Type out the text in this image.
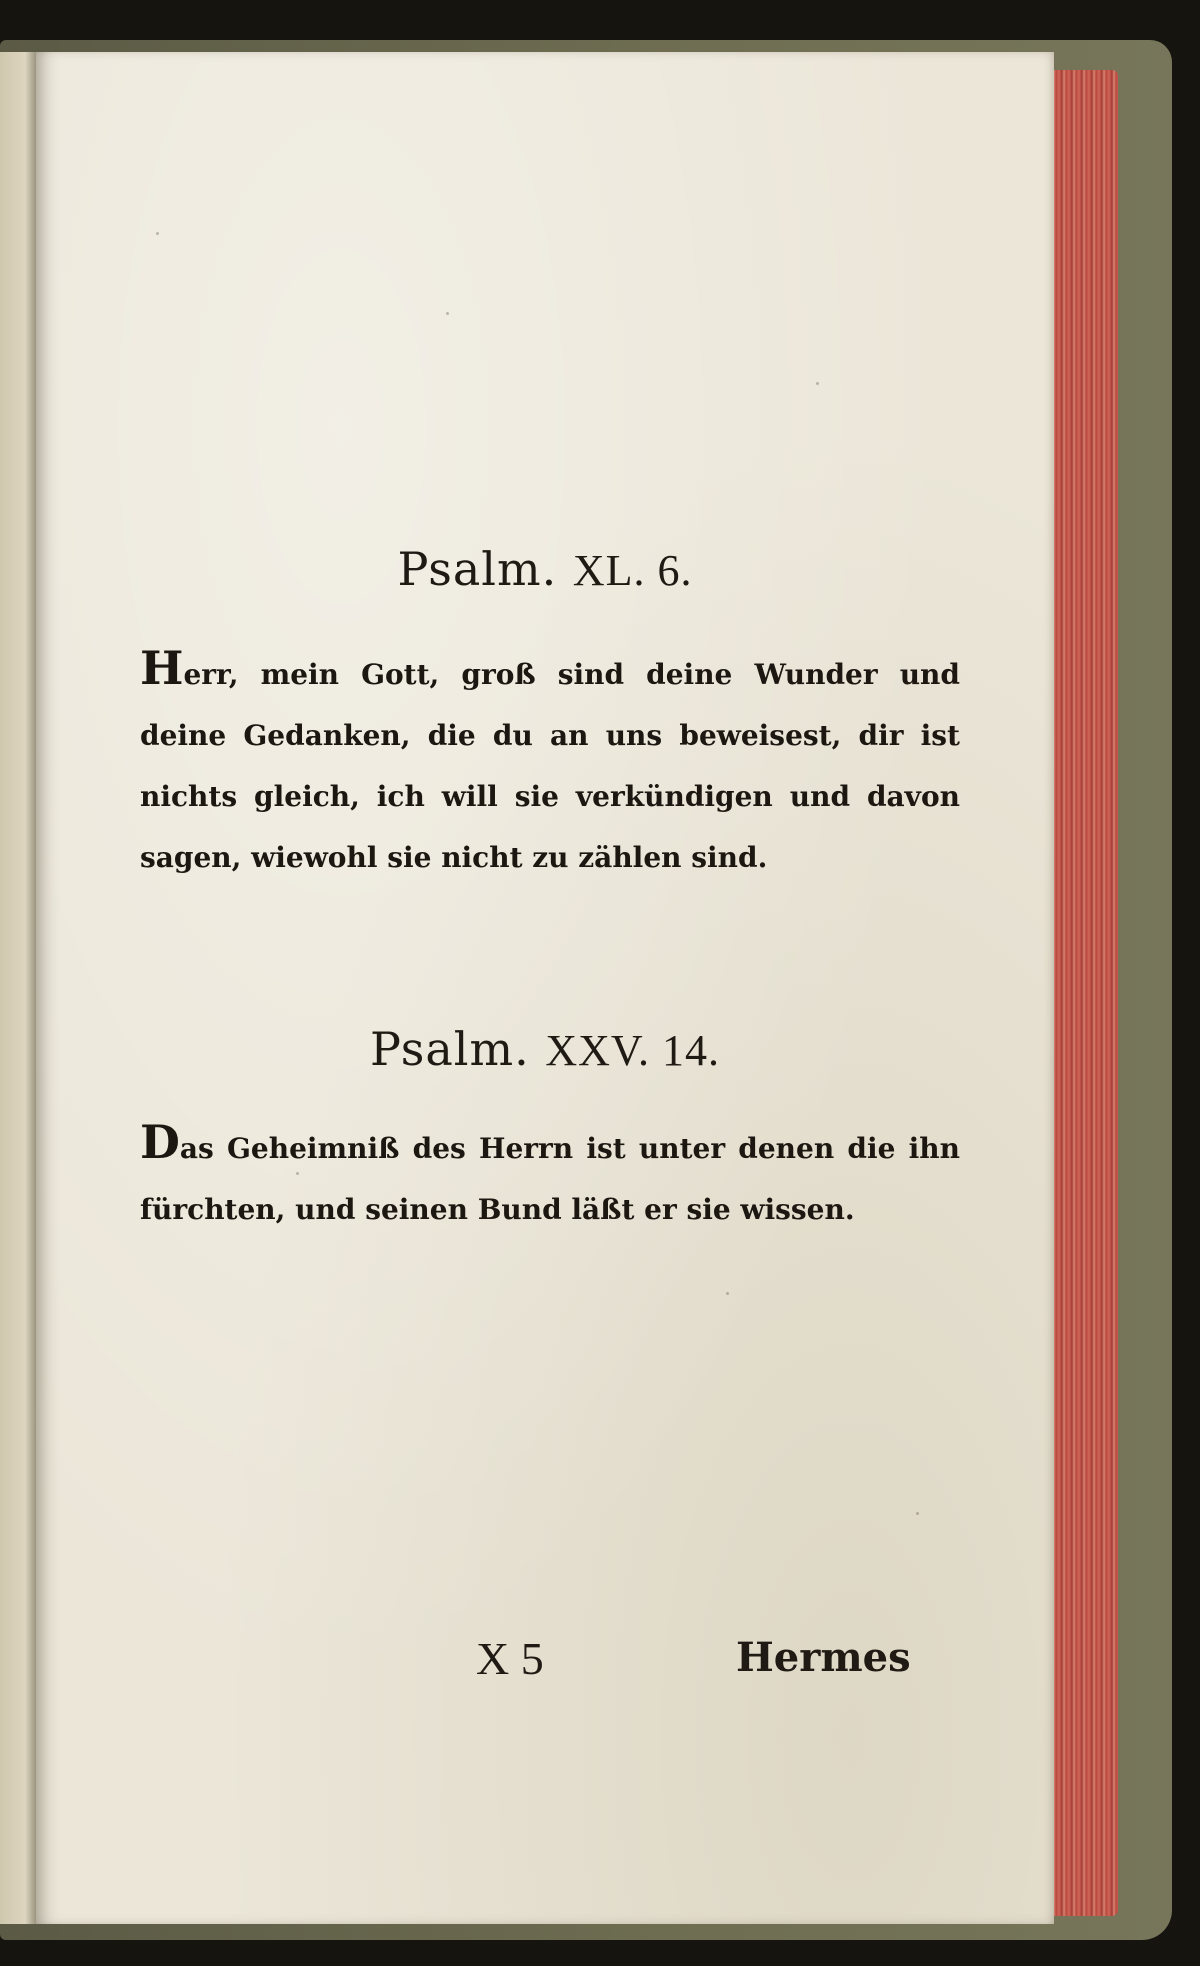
Psalm. XL. 6.
Herr, mein Gott, groß sind deine Wunder und deine Gedanken, die du an uns beweisest, dir ist nichts gleich, ich will sie verkündigen und davon sagen, wiewohl sie nicht zu zählen sind.
Psalm. XXV. 14.
Das Geheimniß des Herrn ist unter denen die ihn fürchten, und seinen Bund läßt er sie wissen.
X 5	Hermes
